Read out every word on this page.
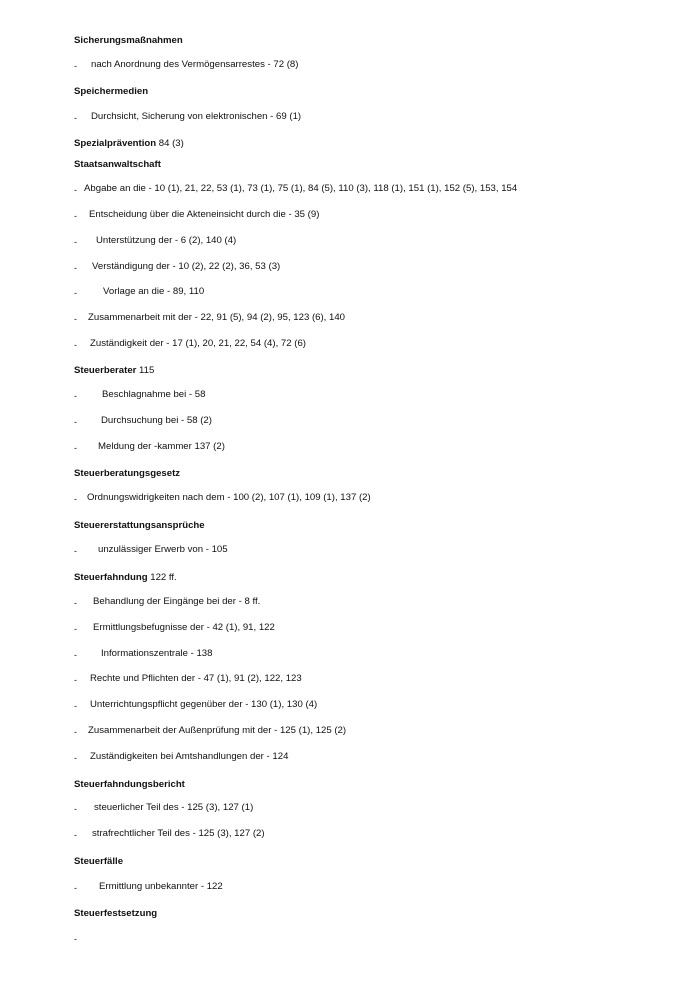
Sicherungsmaßnahmen
- nach Anordnung des Vermögensarrestes - 72 (8)
Speichermedien
- Durchsicht, Sicherung von elektronischen - 69 (1)
Spezialprävention 84 (3)
Staatsanwaltschaft
- Abgabe an die - 10 (1), 21, 22, 53 (1), 73 (1), 75 (1), 84 (5), 110 (3), 118 (1), 151 (1), 152 (5), 153, 154
- Entscheidung über die Akteneinsicht durch die - 35 (9)
- Unterstützung der - 6 (2), 140 (4)
- Verständigung der - 10 (2), 22 (2), 36, 53 (3)
-	Vorlage an die - 89, 110
- Zusammenarbeit mit der - 22, 91 (5), 94 (2), 95, 123 (6), 140
- Zuständigkeit der - 17 (1), 20, 21, 22, 54 (4), 72 (6)
Steuerberater 115
-	Beschlagnahme bei - 58
-	Durchsuchung bei - 58 (2)
- Meldung der -kammer 137 (2)
Steuerberatungsgesetz
- Ordnungswidrigkeiten nach dem - 100 (2), 107 (1), 109 (1), 137 (2)
Steuererstattungsansprüche
- unzulässiger Erwerb von - 105
Steuerfahndung 122 ff.
- Behandlung der Eingänge bei der - 8 ff.
- Ermittlungsbefugnisse der - 42 (1), 91, 122
-	Informationszentrale - 138
- Rechte und Pflichten der - 47 (1), 91 (2), 122, 123
- Unterrichtungspflicht gegenüber der - 130 (1), 130 (4)
- Zusammenarbeit der Außenprüfung mit der - 125 (1), 125 (2)
- Zuständigkeiten bei Amtshandlungen der - 124
Steuerfahndungsbericht
- steuerlicher Teil des - 125 (3), 127 (1)
- strafrechtlicher Teil des - 125 (3), 127 (2)
Steuerfälle
- Ermittlung unbekannter - 122
Steuerfestsetzung
-
